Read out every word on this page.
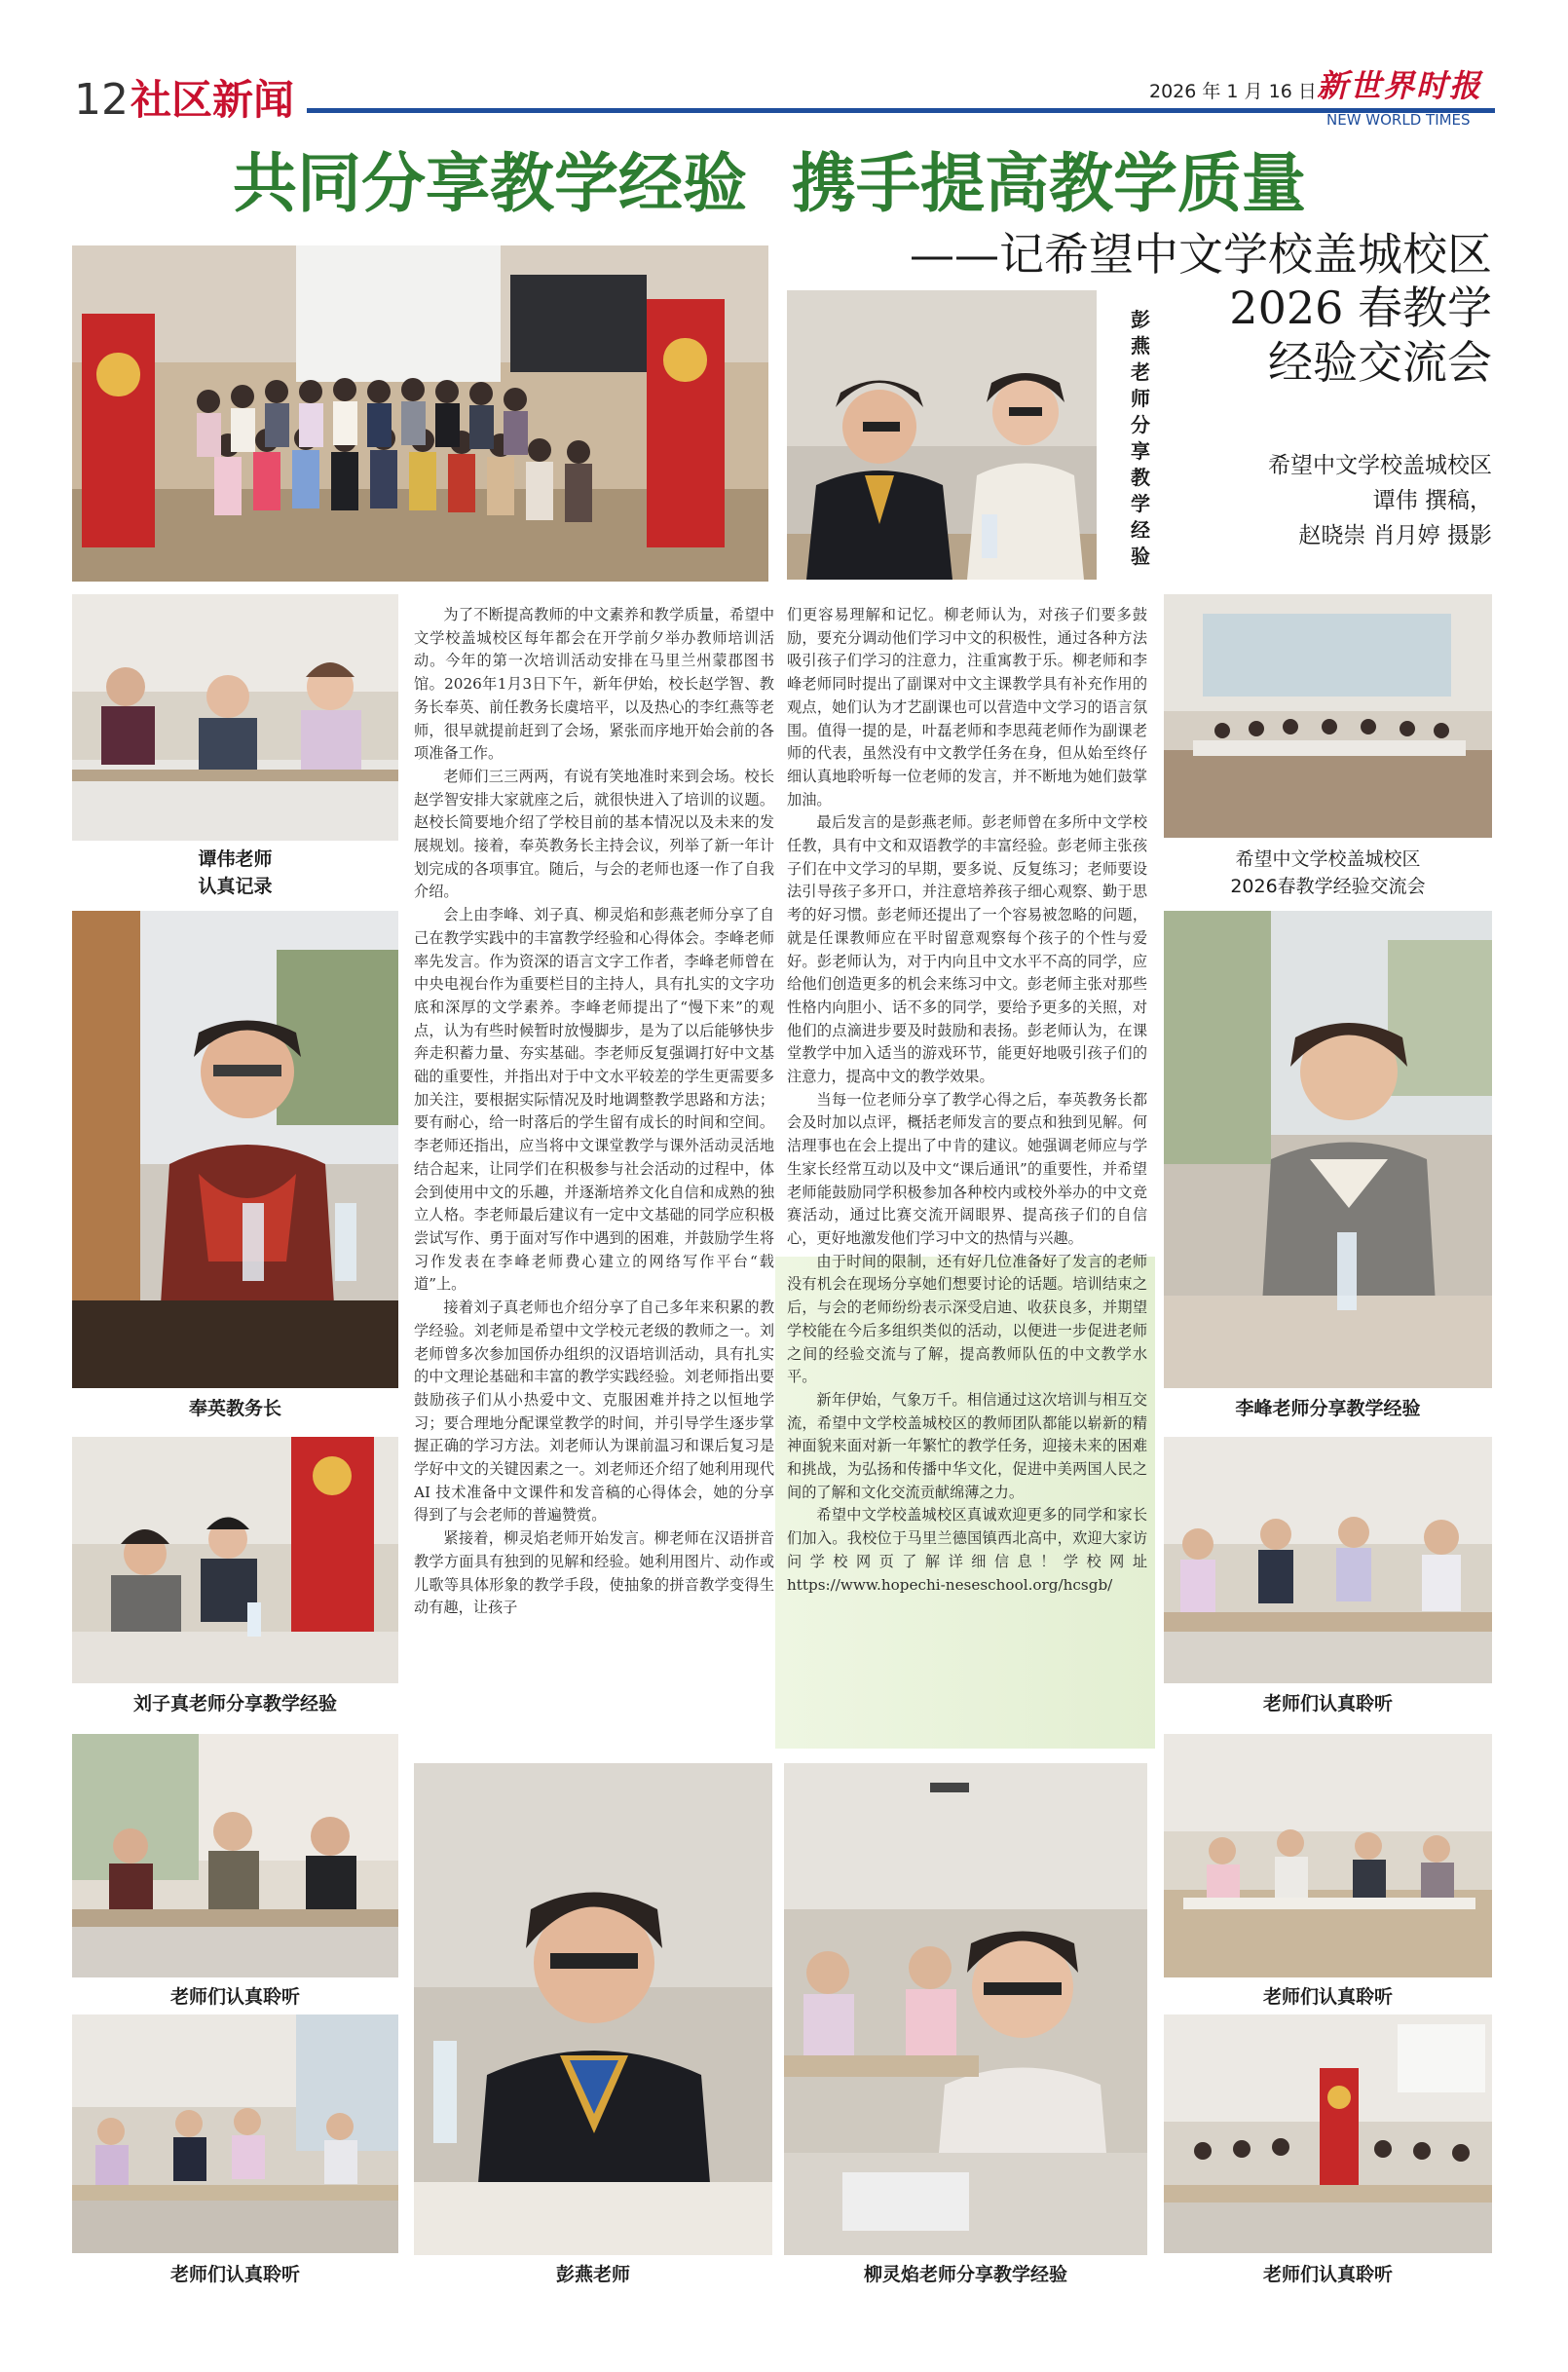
12 社区新闻	2026 年 1 月 16 日 新世界时报
NEW WORLD TIMES
共同分享教学经验  携手提高教学质量
——记希望中文学校盖城校区
2026 春教学
经验交流会
希望中文学校盖城校区
谭伟 撰稿，
赵晓崇 肖月婷 摄影
彭燕老师分享教学经验
谭伟老师
认真记录
奉英教务长
刘子真老师分享教学经验
老师们认真聆听
老师们认真聆听

为了不断提高教师的中文素养和教学质量，希望中文学校盖城校区每年都会在开学前夕举办教师培训活动。今年的第一次培训活动安排在马里兰州蒙郡图书馆。2026年1月3日下午，新年伊始，校长赵学智、教务长奉英、前任教务长虞培平，以及热心的李红燕等老师，很早就提前赶到了会场，紧张而序地开始会前的各项准备工作。

老师们三三两两，有说有笑地准时来到会场。校长赵学智安排大家就座之后，就很快进入了培训的议题。赵校长简要地介绍了学校目前的基本情况以及未来的发展规划。接着，奉英教务长主持会议，列举了新一年计划完成的各项事宜。随后，与会的老师也逐一作了自我介绍。

会上由李峰、刘子真、柳灵焰和彭燕老师分享了自己在教学实践中的丰富教学经验和心得体会。李峰老师率先发言。作为资深的语言文字工作者，李峰老师曾在中央电视台作为重要栏目的主持人，具有扎实的文字功底和深厚的文学素养。李峰老师提出了“慢下来”的观点，认为有些时候暂时放慢脚步，是为了以后能够快步奔走积蓄力量、夯实基础。李老师反复强调打好中文基础的重要性，并指出对于中文水平较差的学生更需要多加关注，要根据实际情况及时地调整教学思路和方法；要有耐心，给一时落后的学生留有成长的时间和空间。李老师还指出，应当将中文课堂教学与课外活动灵活地结合起来，让同学们在积极参与社会活动的过程中，体会到使用中文的乐趣，并逐渐培养文化自信和成熟的独立人格。李老师最后建议有一定中文基础的同学应积极尝试写作、勇于面对写作中遇到的困难，并鼓励学生将习作发表在李峰老师费心建立的网络写作平台“载道”上。

接着刘子真老师也介绍分享了自己多年来积累的教学经验。刘老师是希望中文学校元老级的教师之一。刘老师曾多次参加国侨办组织的汉语培训活动，具有扎实的中文理论基础和丰富的教学实践经验。刘老师指出要鼓励孩子们从小热爱中文、克服困难并持之以恒地学习；要合理地分配课堂教学的时间，并引导学生逐步掌握正确的学习方法。刘老师认为课前温习和课后复习是学好中文的关键因素之一。刘老师还介绍了她利用现代 AI 技术准备中文课件和发音稿的心得体会，她的分享得到了与会老师的普遍赞赏。

紧接着，柳灵焰老师开始发言。柳老师在汉语拼音教学方面具有独到的见解和经验。她利用图片、动作或儿歌等具体形象的教学手段，使抽象的拼音教学变得生动有趣，让孩子

们更容易理解和记忆。柳老师认为，对孩子们要多鼓励，要充分调动他们学习中文的积极性，通过各种方法吸引孩子们学习的注意力，注重寓教于乐。柳老师和李峰老师同时提出了副课对中文主课教学具有补充作用的观点，她们认为才艺副课也可以营造中文学习的语言氛围。值得一提的是，叶磊老师和李思莼老师作为副课老师的代表，虽然没有中文教学任务在身，但从始至终仔细认真地聆听每一位老师的发言，并不断地为她们鼓掌加油。

最后发言的是彭燕老师。彭老师曾在多所中文学校任教，具有中文和双语教学的丰富经验。彭老师主张孩子们在中文学习的早期，要多说、反复练习；老师要设法引导孩子多开口，并注意培养孩子细心观察、勤于思考的好习惯。彭老师还提出了一个容易被忽略的问题，就是任课教师应在平时留意观察每个孩子的个性与爱好。彭老师认为，对于内向且中文水平不高的同学，应给他们创造更多的机会来练习中文。彭老师主张对那些性格内向胆小、话不多的同学，要给予更多的关照，对他们的点滴进步要及时鼓励和表扬。彭老师认为，在课堂教学中加入适当的游戏环节，能更好地吸引孩子们的注意力，提高中文的教学效果。

当每一位老师分享了教学心得之后，奉英教务长都会及时加以点评，概括老师发言的要点和独到见解。何洁理事也在会上提出了中肯的建议。她强调老师应与学生家长经常互动以及中文“课后通讯”的重要性，并希望老师能鼓励同学积极参加各种校内或校外举办的中文竞赛活动，通过比赛交流开阔眼界、提高孩子们的自信心，更好地激发他们学习中文的热情与兴趣。

由于时间的限制，还有好几位准备好了发言的老师没有机会在现场分享她们想要讨论的话题。培训结束之后，与会的老师纷纷表示深受启迪、收获良多，并期望学校能在今后多组织类似的活动，以便进一步促进老师之间的经验交流与了解，提高教师队伍的中文教学水平。

新年伊始，气象万千。相信通过这次培训与相互交流，希望中文学校盖城校区的教师团队都能以崭新的精神面貌来面对新一年繁忙的教学任务，迎接未来的困难和挑战，为弘扬和传播中华文化，促进中美两国人民之间的了解和文化交流贡献绵薄之力。

希望中文学校盖城校区真诚欢迎更多的同学和家长们加入。我校位于马里兰德国镇西北高中，欢迎大家访问学校网页了解详细信息！学校网址 https://www.hopechi-neseschool.org/hcsgb/

希望中文学校盖城校区
2026春教学经验交流会
李峰老师分享教学经验
老师们认真聆听
老师们认真聆听
老师们认真聆听
彭燕老师	柳灵焰老师分享教学经验
